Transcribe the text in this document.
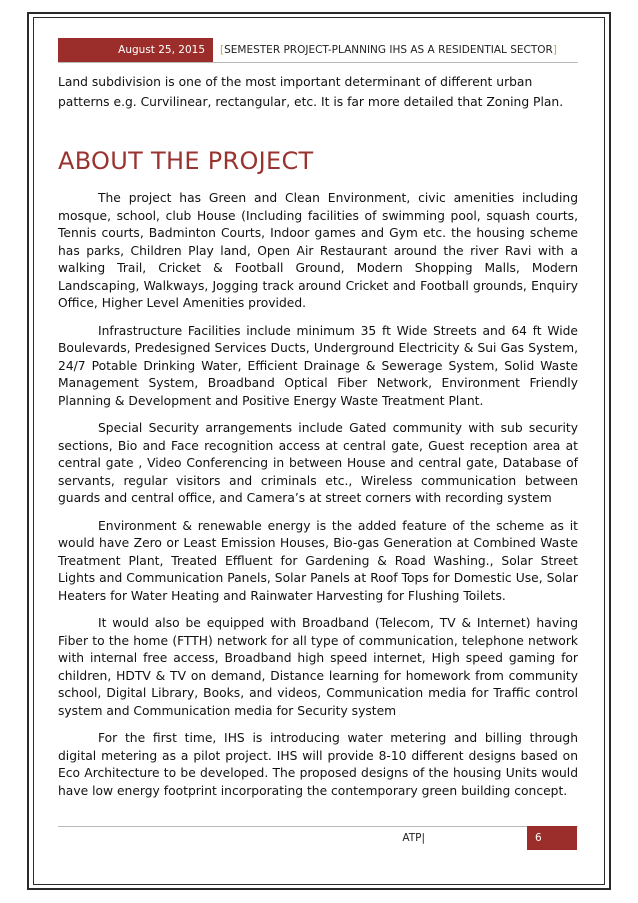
August 25, 2015	[SEMESTER PROJECT-PLANNING IHS AS A RESIDENTIAL SECTOR]
Land subdivision is one of the most important determinant of different urban patterns e.g. Curvilinear, rectangular, etc. It is far more detailed that Zoning Plan.
ABOUT THE PROJECT

The project has Green and Clean Environment, civic amenities including mosque, school, club House (Including facilities of swimming pool, squash courts, Tennis courts, Badminton Courts, Indoor games and Gym etc. the housing scheme has parks, Children Play land, Open Air Restaurant around the river Ravi with a walking Trail, Cricket & Football Ground, Modern Shopping Malls, Modern Landscaping, Walkways, Jogging track around Cricket and Football grounds, Enquiry Office, Higher Level Amenities provided.

Infrastructure Facilities include minimum 35 ft Wide Streets and 64 ft Wide Boulevards, Predesigned Services Ducts, Underground Electricity & Sui Gas System, 24/7 Potable Drinking Water, Efficient Drainage & Sewerage System, Solid Waste Management System, Broadband Optical Fiber Network, Environment Friendly Planning & Development and Positive Energy Waste Treatment Plant.

Special Security arrangements include Gated community with sub security sections, Bio and Face recognition access at central gate, Guest reception area at central gate , Video Conferencing in between House and central gate, Database of servants, regular visitors and criminals etc., Wireless communication between guards and central office, and Camera’s at street corners with recording system

Environment & renewable energy is the added feature of the scheme as it would have Zero or Least Emission Houses, Bio-gas Generation at Combined Waste Treatment Plant, Treated Effluent for Gardening & Road Washing., Solar Street Lights and Communication Panels, Solar Panels at Roof Tops for Domestic Use, Solar Heaters for Water Heating and Rainwater Harvesting for Flushing Toilets.

It would also be equipped with Broadband (Telecom, TV & Internet) having Fiber to the home (FTTH) network for all type of communication, telephone network with internal free access, Broadband high speed internet, High speed gaming for children, HDTV & TV on demand, Distance learning for homework from community school, Digital Library, Books, and videos, Communication media for Traffic control system and Communication media for Security system

For the first time, IHS is introducing water metering and billing through digital metering as a pilot project. IHS will provide 8-10 different designs based on Eco Architecture to be developed. The proposed designs of the housing Units would have low energy footprint incorporating the contemporary green building concept.

ATP|	6
